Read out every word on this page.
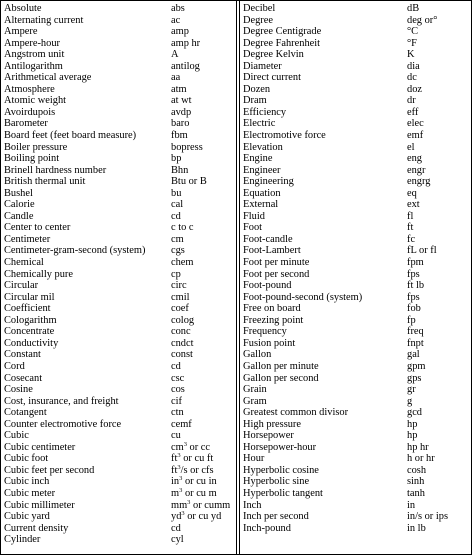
Absolute	abs
Alternating current	ac
Ampere	amp
Ampere-hour	amp hr
Angstrom unit	A
Antilogarithm	antilog
Arithmetical average	aa
Atmosphere	atm
Atomic weight	at wt
Avoirdupois	avdp
Barometer	baro
Board feet (feet board measure)	fbm
Boiler pressure	bopress
Boiling point	bp
Brinell hardness number	Bhn
British thermal unit	Btu or B
Bushel	bu
Calorie	cal
Candle	cd
Center to center	c to c
Centimeter	cm
Centimeter-gram-second (system) cgs
Chemical	chem
Chemically pure	cp
Circular	circ
Circular mil	cmil
Coefficient	coef
Cologarithm	colog
Concentrate	conc
Conductivity	cndct
Constant	const
Cord	cd
Cosecant	csc
Cosine	cos
Cost, insurance, and freight	cif
Cotangent	ctn
Counter electromotive force	cemf
Cubic	cu
Cubic centimeter	$cm^3$ or cc
Cubic foot	$ft^3$ or cu ft
Cubic feet per second	$ft^3/s$ or cfs
Cubic inch	$in^3$ or cu in
Cubic meter	$m^3$ or cu m
Cubic millimeter	$mm^3$ or cumm
Cubic yard	$yd^3$ or cu yd
Current density	cd
Cylinder	cyl
Decibel	dB
Degree	deg or°
Degree Centigrade	°C
Degree Fahrenheit	°F
Degree Kelvin	K
Diameter	dia
Direct current	dc
Dozen	doz
Dram	dr
Efficiency	eff
Electric	elec
Electromotive force	emf
Elevation	el
Engine	eng
Engineer	engr
Engineering	engrg
Equation	eq
External	ext
Fluid	fl
Foot	ft
Foot-candle	fc
Foot-Lambert	fL or fl
Foot per minute	fpm
Foot per second	fps
Foot-pound	ft lb
Foot-pound-second (system)	fps
Free on board	fob
Freezing point	fp
Frequency	freq
Fusion point	fnpt
Gallon	gal
Gallon per minute	gpm
Gallon per second	gps
Grain	gr
Gram	g
Greatest common divisor	gcd
High pressure	hp
Horsepower	hp
Horsepower-hour	hp hr
Hour	h or hr
Hyperbolic cosine	cosh
Hyperbolic sine	sinh
Hyperbolic tangent	tanh
Inch	in
Inch per second	in/s or ips
Inch-pound	in lb
